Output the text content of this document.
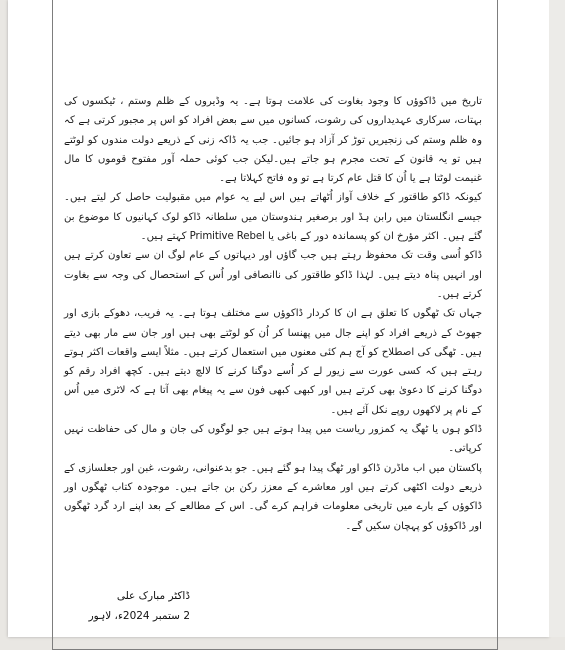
تاریخ میں ڈاکوؤں کا وجود بغاوت کی علامت ہوتا ہے۔ یہ وڈیروں کے ظلم وستم ، ٹیکسوں کی بہتات، سرکاری عہدیداروں کی رشوت، کسانوں میں سے بعض افراد کو اس پر مجبور کرتی ہے کہ وہ ظلم وستم کی زنجیریں توڑ کر آزاد ہو جائیں۔ جب یہ ڈاکہ زنی کے ذریعے دولت مندوں کو لوٹتے ہیں تو یہ قانون کے تحت مجرم ہو جاتے ہیں۔لیکن جب کوئی حملہ آور مفتوح قوموں کا مال غنیمت لوٹتا ہے یا اُن کا قتل عام کرتا ہے تو وہ فاتح کہلاتا ہے۔

کیونکہ ڈاکو طاقتور کے خلاف آواز اُٹھاتے ہیں اس لیے یہ عوام میں مقبولیت حاصل کر لیتے ہیں۔ جیسے انگلستان میں رابن ہڈ اور برصغیر ہندوستان میں سلطانہ ڈاکو لوک کہانیوں کا موضوع بن گئے ہیں۔ اکثر مؤرخ ان کو پسماندہ دور کے باغی یا Primitive Rebel کہتے ہیں۔

ڈاکو اُسی وقت تک محفوظ رہتے ہیں جب گاؤں اور دیہاتوں کے عام لوگ ان سے تعاون کرتے ہیں اور انہیں پناہ دیتے ہیں۔ لہٰذا ڈاکو طاقتور کی ناانصافی اور اُس کے استحصال کی وجہ سے بغاوت کرتے ہیں۔

جہاں تک ٹھگوں کا تعلق ہے ان کا کردار ڈاکوؤں سے مختلف ہوتا ہے۔ یہ فریب، دھوکے بازی اور جھوٹ کے ذریعے افراد کو اپنے جال میں پھنسا کر اُن کو لوٹتے بھی ہیں اور جان سے مار بھی دیتے ہیں۔ ٹھگی کی اصطلاح کو آج ہم کئی معنوں میں استعمال کرتے ہیں۔ مثلاً ایسے واقعات اکثر ہوتے رہتے ہیں کہ کسی عورت سے زیور لے کر اُسے دوگنا کرنے کا لالچ دیتے ہیں۔ کچھ افراد رقم کو دوگنا کرنے کا دعویٰ بھی کرتے ہیں اور کبھی کبھی فون سے یہ پیغام بھی آتا ہے کہ لاٹری میں اُس کے نام پر لاکھوں روپے نکل آئے ہیں۔

ڈاکو ہوں یا ٹھگ یہ کمزور ریاست میں پیدا ہوتے ہیں جو لوگوں کی جان و مال کی حفاظت نہیں کرپاتی۔

پاکستان میں اب ماڈرن ڈاکو اور ٹھگ پیدا ہو گئے ہیں۔ جو بدعنوانی، رشوت، غبن اور جعلسازی کے ذریعے دولت اکٹھی کرتے ہیں اور معاشرے کے معزز رکن بن جاتے ہیں۔ موجودہ کتاب ٹھگوں اور ڈاکوؤں کے بارے میں تاریخی معلومات فراہم کرے گی۔ اس کے مطالعے کے بعد اپنے ارد گرد ٹھگوں اور ڈاکوؤں کو پہچان سکیں گے۔

ڈاکٹر مبارک علی
2 ستمبر 2024ء، لاہور
